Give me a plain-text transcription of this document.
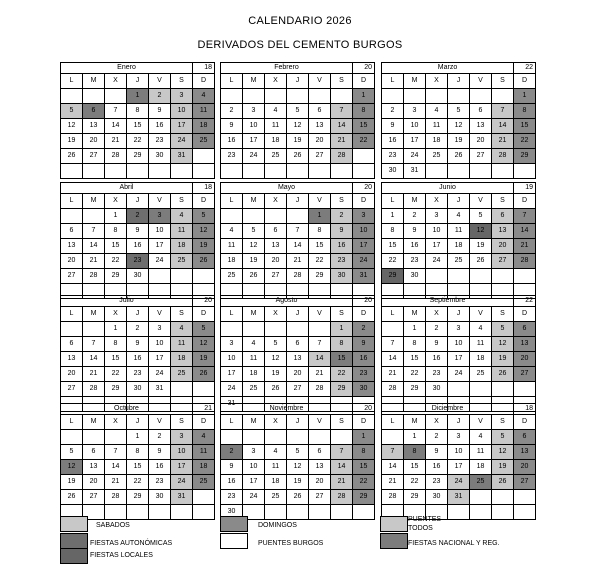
CALENDARIO 2026
DERIVADOS DEL CEMENTO BURGOS
Enero						18
L	M	X	J	V	S	D
			1	2	3	4
5	6	7	8	9	10	11
12	13	14	15	16	17	18
19	20	21	22	23	24	25
26	27	28	29	30	31	

Febrero						20
L	M	X	J	V	S	D
						1
2	3	4	5	6	7	8
9	10	11	12	13	14	15
16	17	18	19	20	21	22
23	24	25	26	27	28	

Marzo						22
L	M	X	J	V	S	D
						1
2	3	4	5	6	7	8
9	10	11	12	13	14	15
16	17	18	19	20	21	22
23	24	25	26	27	28	29
30	31					
Abril						18
L	M	X	J	V	S	D
		1	2	3	4	5
6	7	8	9	10	11	12
13	14	15	16	17	18	19
20	21	22	23	24	25	26
27	28	29	30			

Mayo						20
L	M	X	J	V	S	D
				1	2	3
4	5	6	7	8	9	10
11	12	13	14	15	16	17
18	19	20	21	22	23	24
25	26	27	28	29	30	31

Junio						19
L	M	X	J	V	S	D
1	2	3	4	5	6	7
8	9	10	11	12	13	14
15	16	17	18	19	20	21
22	23	24	25	26	27	28
29	30					

Julio						20
L	M	X	J	V	S	D
		1	2	3	4	5
6	7	8	9	10	11	12
13	14	15	16	17	18	19
20	21	22	23	24	25	26
27	28	29	30	31		

Agosto						20
L	M	X	J	V	S	D
					1	2
3	4	5	6	7	8	9
10	11	12	13	14	15	16
17	18	19	20	21	22	23
24	25	26	27	28	29	30
31						
Septiembre						22
L	M	X	J	V	S	D
	1	2	3	4	5	6
7	8	9	10	11	12	13
14	15	16	17	18	19	20
21	22	23	24	25	26	27
28	29	30				

Octubre						21
L	M	X	J	V	S	D
			1	2	3	4
5	6	7	8	9	10	11
12	13	14	15	16	17	18
19	20	21	22	23	24	25
26	27	28	29	30	31	

Noviembre						20
L	M	X	J	V	S	D
						1
2	3	4	5	6	7	8
9	10	11	12	13	14	15
16	17	18	19	20	21	22
23	24	25	26	27	28	29
30						
Diciembre						18
L	M	X	J	V	S	D
	1	2	3	4	5	6
7	8	9	10	11	12	13
14	15	16	17	18	19	20
21	22	23	24	25	26	27
28	29	30	31			

SABADOS	DOMINGOS
PUENTES TODOS
FIESTAS AUTONÓMICAS	PUENTES BURGOS	FIESTAS NACIONAL Y REG.
FIESTAS LOCALES
